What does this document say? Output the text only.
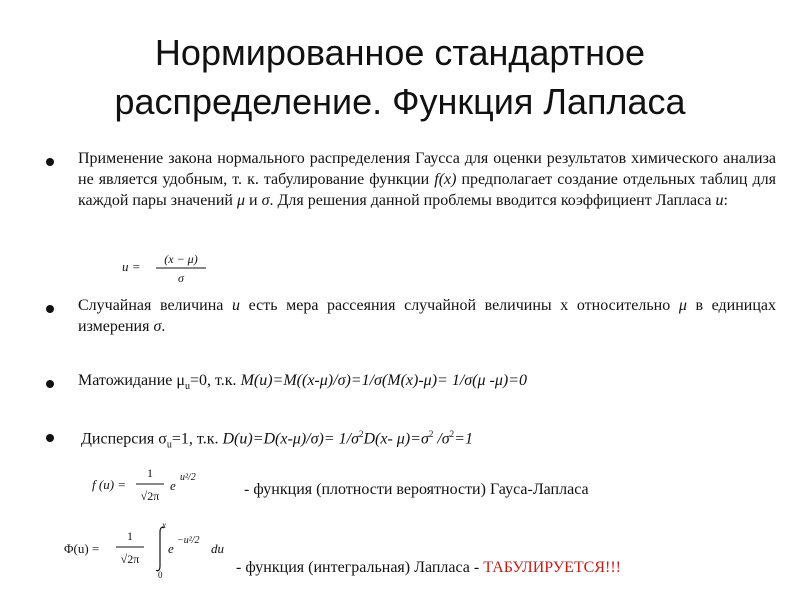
Нормированное стандартное
распределение. Функция Лапласа

Применение закона нормального распределения Гаусса для оценки результатов химического анализа не является удобным, т. к. табулирование функции f(x) предполагает создание отдельных таблиц для каждой пары значений μ и σ. Для решения данной проблемы вводится коэффициент Лапласа u:

u = (x − μ)
σ

Случайная величина u есть мера рассеяния случайной величины х относительно μ в единицах измерения σ.

Матожидание $\mu_u=0$, т.к. M(u)=M((x-μ)/σ)=1/σ(M(x)-μ)= 1/σ(μ -μ)=0
Дисперсия $\sigma_u=1$, т.к. $D(u)=D(x-\mu)/\sigma)= 1/\sigma^2D(x-$ $\mu)=\sigma^2$ $/\sigma^2=1$
f (u) =
1
√2π
e
u²/2
- функция (плотности вероятности) Гауса-Лапласа
Φ(u) =
1
√2π
x
0
e
−u²/2
du
- функция (интегральная) Лапласа - ТАБУЛИРУЕТСЯ!!!
